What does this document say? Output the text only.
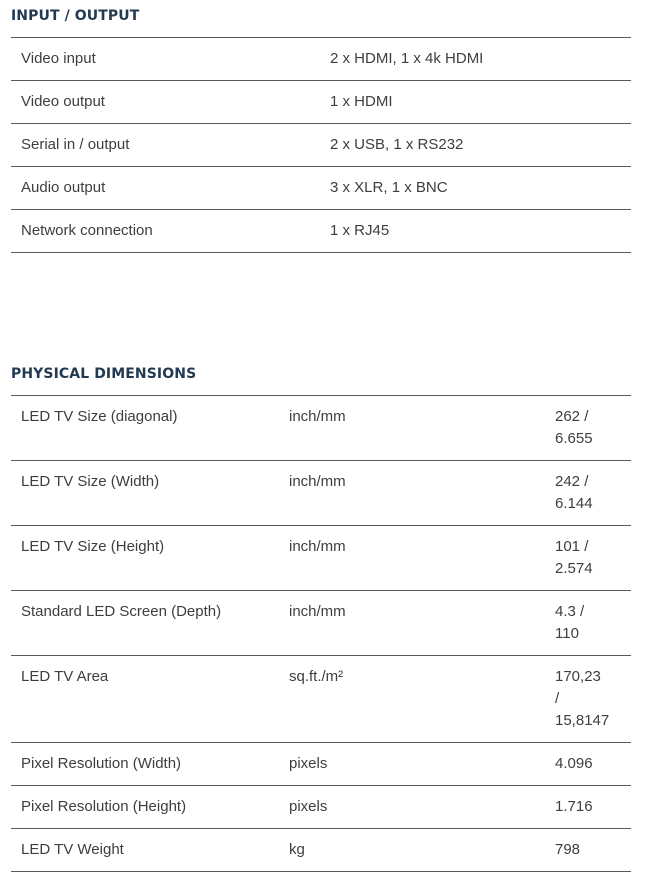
INPUT / OUTPUT
Video input	2 x HDMI, 1 x 4k HDMI
Video output	1 x HDMI
Serial in / output	2 x USB, 1 x RS232
Audio output	3 x XLR, 1 x BNC
Network connection	1 x RJ45
PHYSICAL DIMENSIONS
LED TV Size (diagonal)	inch/mm	262 / 6.655
LED TV Size (Width)	inch/mm	242 / 6.144
LED TV Size (Height)	inch/mm	101 / 2.574
Standard LED Screen (Depth)	inch/mm	4.3 / 110
LED TV Area	sq.ft./m²	170,23 / 15,8147
Pixel Resolution (Width)	pixels	4.096
Pixel Resolution (Height)	pixels	1.716
LED TV Weight	kg	798
